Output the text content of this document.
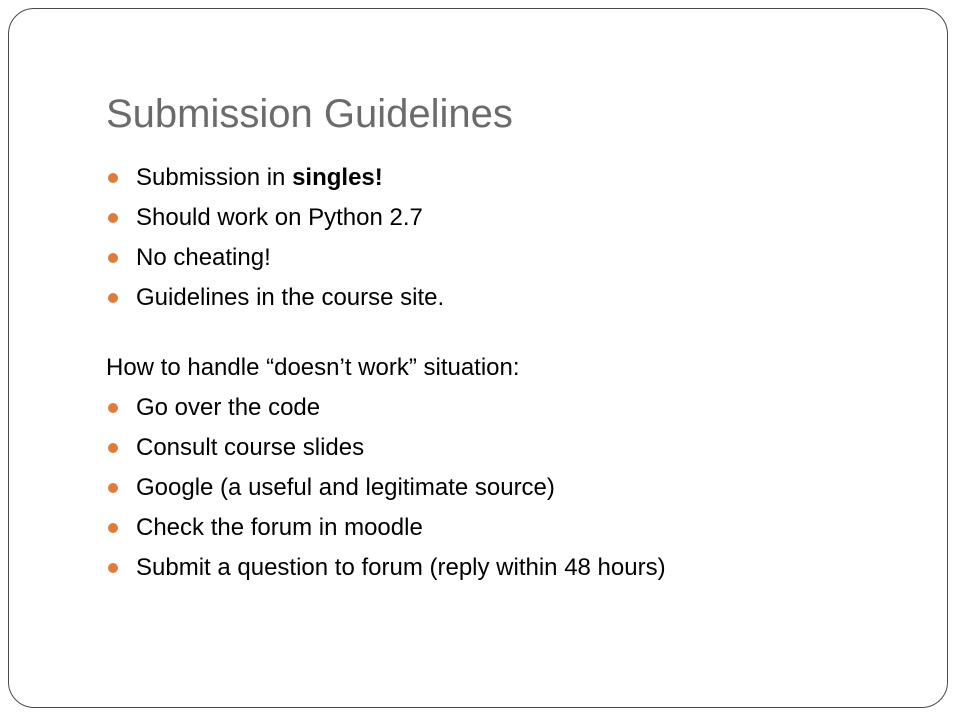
Submission Guidelines
Submission in singles!
Should work on Python 2.7
No cheating!
Guidelines in the course site.
How to handle “doesn’t work” situation:
Go over the code
Consult course slides
Google (a useful and legitimate source)
Check the forum in moodle
Submit a question to forum (reply within 48 hours)
